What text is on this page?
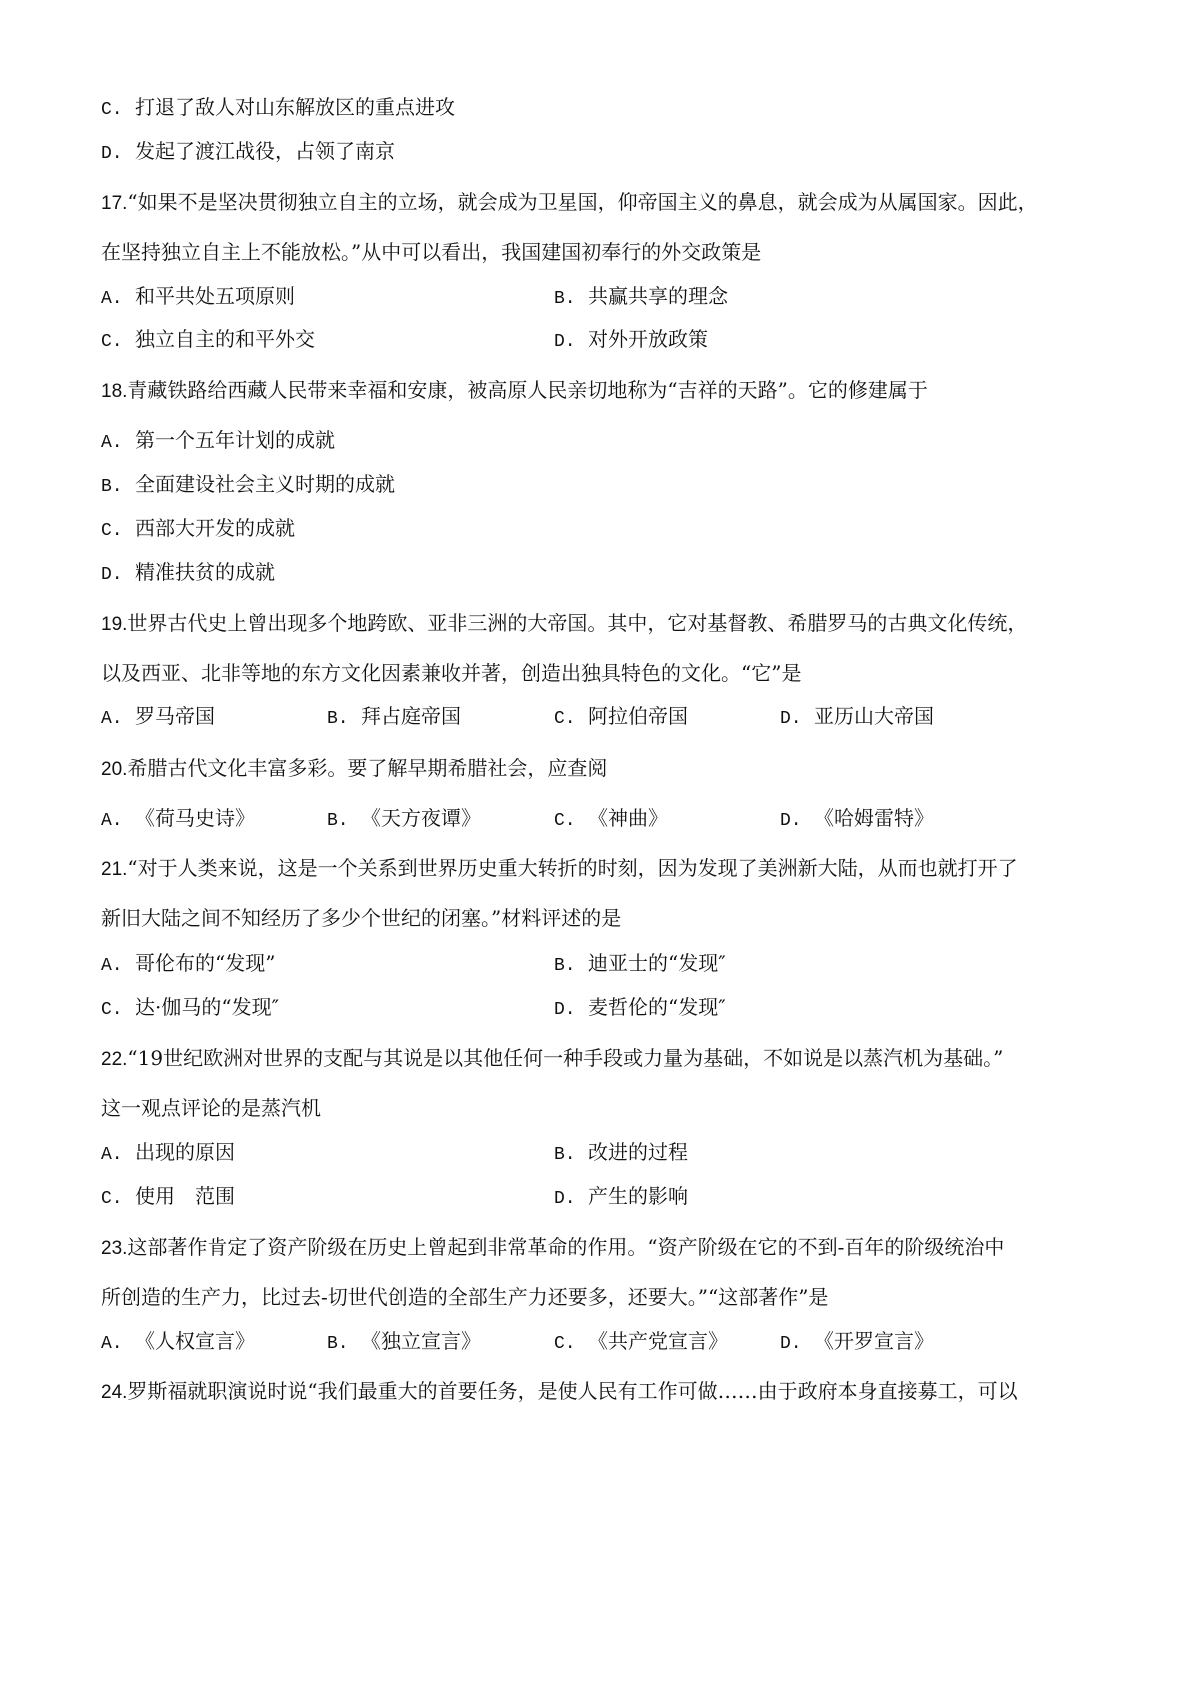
C. 打退了敌人对山东解放区的重点进攻
D. 发起了渡江战役，占领了南京
17.“如果不是坚决贯彻独立自主的立场，就会成为卫星国，仰帝国主义的鼻息，就会成为从属国家。因此，
在坚持独立自主上不能放松。”从中可以看出，我国建国初奉行的外交政策是
A. 和平共处五项原则	B. 共赢共享的理念
C. 独立自主的和平外交	D. 对外开放政策
18.青藏铁路给西藏人民带来幸福和安康，被高原人民亲切地称为“吉祥的天路”。它的修建属于
A. 第一个五年计划的成就
B. 全面建设社会主义时期的成就
C. 西部大开发的成就
D. 精准扶贫的成就
19.世界古代史上曾出现多个地跨欧、亚非三洲的大帝国。其中，它对基督教、希腊罗马的古典文化传统，
以及西亚、北非等地的东方文化因素兼收并著，创造出独具特色的文化。“它”是
A. 罗马帝国	B. 拜占庭帝国	C. 阿拉伯帝国	D. 亚历山大帝国
20.希腊古代文化丰富多彩。要了解早期希腊社会，应查阅
A. 《荷马史诗》	B. 《天方夜谭》	C. 《神曲》	D. 《哈姆雷特》
21.“对于人类来说，这是一个关系到世界历史重大转折的时刻，因为发现了美洲新大陆，从而也就打开了
新旧大陆之间不知经历了多少个世纪的闭塞。”材料评述的是
A. 哥伦布的“发现”	B. 迪亚士的“发现″
C. 达·伽马的“发现″	D. 麦哲伦的“发现″
22.“19世纪欧洲对世界的支配与其说是以其他任何一种手段或力量为基础，不如说是以蒸汽机为基础。”
这一观点评论的是蒸汽机
A. 出现的原因	B. 改进的过程
C. 使用　范围	D. 产生的影响
23.这部著作肯定了资产阶级在历史上曾起到非常革命的作用。“资产阶级在它的不到-百年的阶级统治中
所创造的生产力，比过去-切世代创造的全部生产力还要多，还要大。”“这部著作”是
A. 《人权宣言》	B. 《独立宣言》	C. 《共产党宣言》	D. 《开罗宣言》
24.罗斯福就职演说时说“我们最重大的首要任务，是使人民有工作可做……由于政府本身直接募工，可以
